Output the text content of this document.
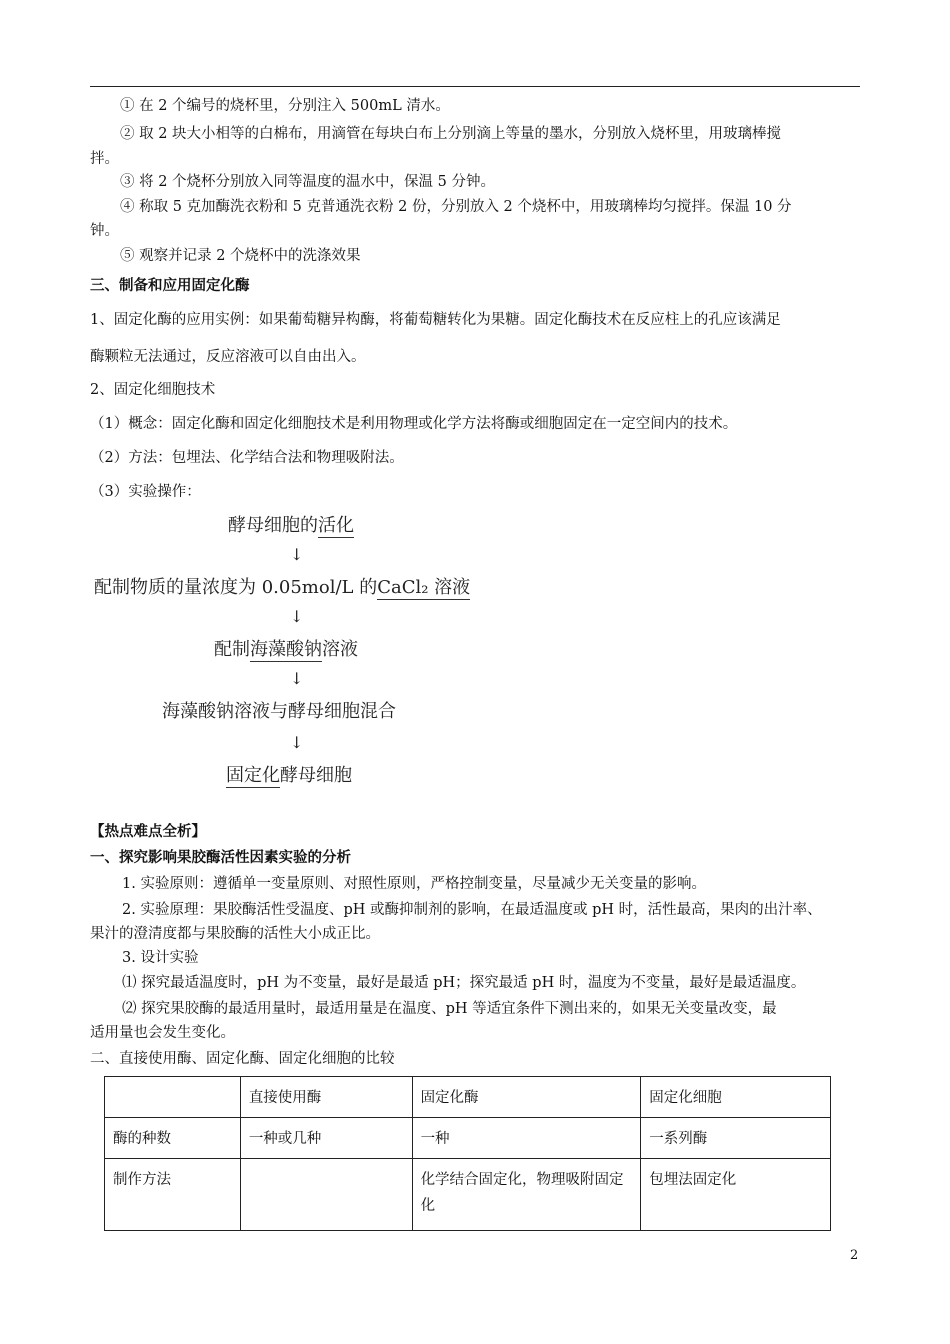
① 在 2 个编号的烧杯里，分别注入 500mL 清水。
② 取 2 块大小相等的白棉布，用滴管在每块白布上分别滴上等量的墨水，分别放入烧杯里，用玻璃棒搅
拌。
③ 将 2 个烧杯分别放入同等温度的温水中，保温 5 分钟。
④ 称取 5 克加酶洗衣粉和 5 克普通洗衣粉 2 份，分别放入 2 个烧杯中，用玻璃棒均匀搅拌。保温 10 分
钟。
⑤ 观察并记录 2 个烧杯中的洗涤效果
三、制备和应用固定化酶
1、固定化酶的应用实例：如果葡萄糖异构酶，将葡萄糖转化为果糖。固定化酶技术在反应柱上的孔应该满足
酶颗粒无法通过，反应溶液可以自由出入。
2、固定化细胞技术
（1）概念：固定化酶和固定化细胞技术是利用物理或化学方法将酶或细胞固定在一定空间内的技术。
（2）方法：包埋法、化学结合法和物理吸附法。
（3）实验操作：
酵母细胞的活化
↓
配制物质的量浓度为 0.05mol/L 的CaCl₂ 溶液
↓
配制海藻酸钠溶液
↓
海藻酸钠溶液与酵母细胞混合
↓
固定化酵母细胞
【热点难点全析】
一、探究影响果胶酶活性因素实验的分析
1. 实验原则：遵循单一变量原则、对照性原则，严格控制变量，尽量减少无关变量的影响。
2. 实验原理：果胶酶活性受温度、pH 或酶抑制剂的影响，在最适温度或 pH 时，活性最高，果肉的出汁率、
果汁的澄清度都与果胶酶的活性大小成正比。
3. 设计实验
⑴ 探究最适温度时，pH 为不变量，最好是最适 pH；探究最适 pH 时，温度为不变量，最好是最适温度。
⑵ 探究果胶酶的最适用量时，最适用量是在温度、pH 等适宜条件下测出来的，如果无关变量改变，最
适用量也会发生变化。
二、直接使用酶、固定化酶、固定化细胞的比较
	直接使用酶	固定化酶	固定化细胞
酶的种数	一种或几种	一种	一系列酶
制作方法		化学结合固定化，物理吸附固定化	包埋法固定化
2
